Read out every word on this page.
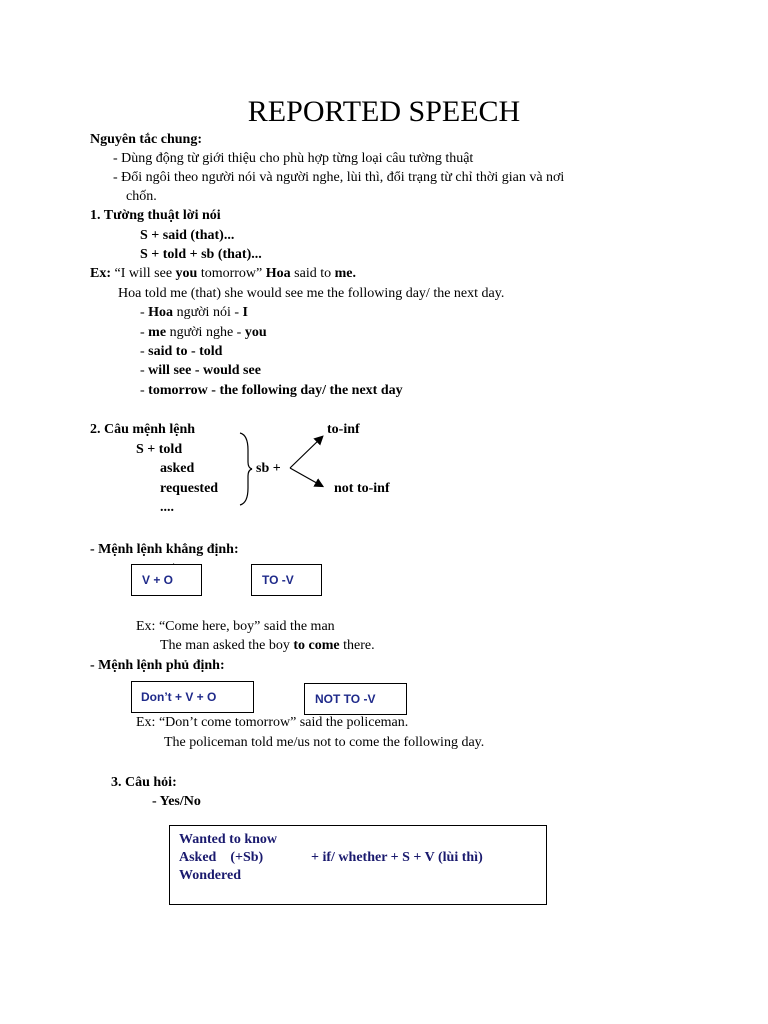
REPORTED SPEECH
Nguyên tắc chung:
- Dùng động từ giới thiệu cho phù hợp từng loại câu tường thuật
- Đổi ngôi theo người nói và người nghe, lùi thì, đổi trạng từ chỉ thời gian và nơi
chốn.
1. Tường thuật lời nói
S + said (that)...
S + told + sb (that)...
Ex: “I will see you tomorrow” Hoa said to me.
Hoa told me (that) she would see me the following day/ the next day.
- Hoa người nói - I
- me người nghe - you
- said to - told
- will see - would see
- tomorrow - the following day/ the next day
2. Câu mệnh lệnh
S + told
asked
requested
....
sb +
to-inf
not to-inf
- Mệnh lệnh khẳng định:
V + O	TO -V
Ex: “Come here, boy” said the man
The man asked the boy to come there.
- Mệnh lệnh phủ định:
Don’t + V + O	NOT TO -V
Ex: “Don’t come tomorrow” said the policeman.
The policeman told me/us not to come the following day.
3. Câu hỏi:
- Yes/No
Wanted to know
Asked    (+Sb)
Wondered
+ if/ whether + S + V (lùi thì)
